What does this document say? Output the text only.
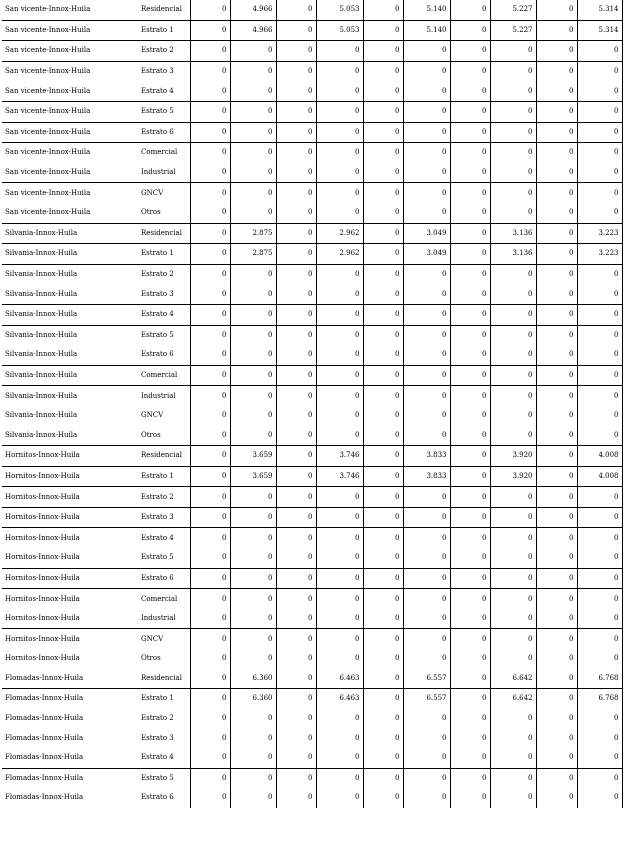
San vicente-Innox-Huila	Residencial	0	4.966	0	5.053	0	5.140	0	5.227	0	5.314
San vicente-Innox-Huila	Estrato 1	0	4.966	0	5.053	0	5.140	0	5.227	0	5.314
San vicente-Innox-Huila	Estrato 2	0	0	0	0	0	0	0	0	0	0
San vicente-Innox-Huila	Estrato 3	0	0	0	0	0	0	0	0	0	0
San vicente-Innox-Huila	Estrato 4	0	0	0	0	0	0	0	0	0	0
San vicente-Innox-Huila	Estrato 5	0	0	0	0	0	0	0	0	0	0
San vicente-Innox-Huila	Estrato 6	0	0	0	0	0	0	0	0	0	0
San vicente-Innox-Huila	Comercial	0	0	0	0	0	0	0	0	0	0
San vicente-Innox-Huila	Industrial	0	0	0	0	0	0	0	0	0	0
San vicente-Innox-Huila	GNCV	0	0	0	0	0	0	0	0	0	0
San vicente-Innox-Huila	Otros	0	0	0	0	0	0	0	0	0	0
Silvania-Innox-Huila	Residencial	0	2.875	0	2.962	0	3.049	0	3.136	0	3.223
Silvania-Innox-Huila	Estrato 1	0	2.875	0	2.962	0	3.049	0	3.136	0	3.223
Silvania-Innox-Huila	Estrato 2	0	0	0	0	0	0	0	0	0	0
Silvania-Innox-Huila	Estrato 3	0	0	0	0	0	0	0	0	0	0
Silvania-Innox-Huila	Estrato 4	0	0	0	0	0	0	0	0	0	0
Silvania-Innox-Huila	Estrato 5	0	0	0	0	0	0	0	0	0	0
Silvania-Innox-Huila	Estrato 6	0	0	0	0	0	0	0	0	0	0
Silvania-Innox-Huila	Comercial	0	0	0	0	0	0	0	0	0	0
Silvania-Innox-Huila	Industrial	0	0	0	0	0	0	0	0	0	0
Silvania-Innox-Huila	GNCV	0	0	0	0	0	0	0	0	0	0
Silvania-Innox-Huila	Otros	0	0	0	0	0	0	0	0	0	0
Hornitos-Innox-Huila	Residencial	0	3.659	0	3.746	0	3.833	0	3.920	0	4.008
Hornitos-Innox-Huila	Estrato 1	0	3.659	0	3.746	0	3.833	0	3.920	0	4.008
Hornitos-Innox-Huila	Estrato 2	0	0	0	0	0	0	0	0	0	0
Hornitos-Innox-Huila	Estrato 3	0	0	0	0	0	0	0	0	0	0
Hornitos-Innox-Huila	Estrato 4	0	0	0	0	0	0	0	0	0	0
Hornitos-Innox-Huila	Estrato 5	0	0	0	0	0	0	0	0	0	0
Hornitos-Innox-Huila	Estrato 6	0	0	0	0	0	0	0	0	0	0
Hornitos-Innox-Huila	Comercial	0	0	0	0	0	0	0	0	0	0
Hornitos-Innox-Huila	Industrial	0	0	0	0	0	0	0	0	0	0
Hornitos-Innox-Huila	GNCV	0	0	0	0	0	0	0	0	0	0
Hornitos-Innox-Huila	Otros	0	0	0	0	0	0	0	0	0	0
Flomadas-Innox-Huila	Residencial	0	6.360	0	6.463	0	6.557	0	6.642	0	6.768
Flomadas-Innox-Huila	Estrato 1	0	6.360	0	6.463	0	6.557	0	6.642	0	6.768
Flomadas-Innox-Huila	Estrato 2	0	0	0	0	0	0	0	0	0	0
Flomadas-Innox-Huila	Estrato 3	0	0	0	0	0	0	0	0	0	0
Flomadas-Innox-Huila	Estrato 4	0	0	0	0	0	0	0	0	0	0
Flomadas-Innox-Huila	Estrato 5	0	0	0	0	0	0	0	0	0	0
Flomadas-Innox-Huila	Estrato 6	0	0	0	0	0	0	0	0	0	0
